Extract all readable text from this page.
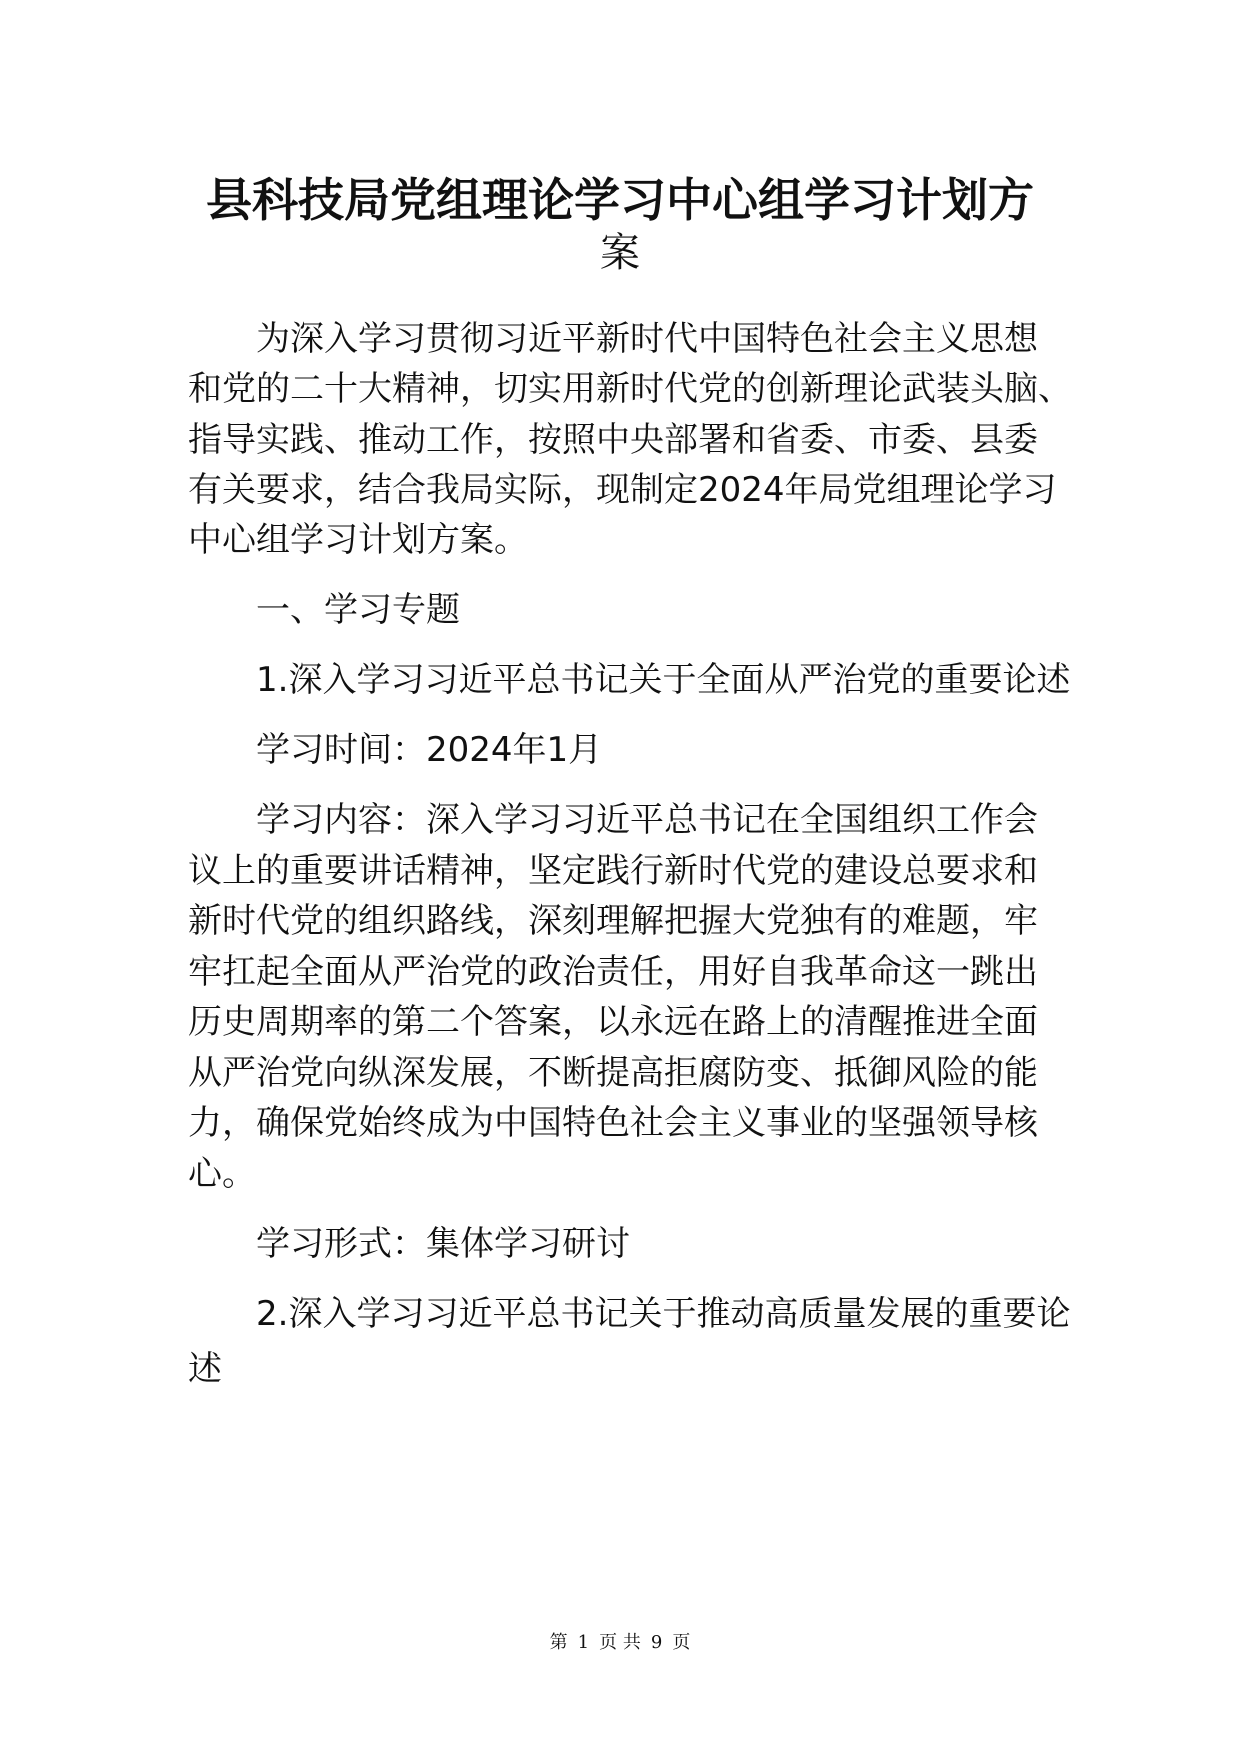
县科技局党组理论学习中心组学习计划方
案
为深入学习贯彻习近平新时代中国特色社会主义思想
和党的二十大精神，切实用新时代党的创新理论武装头脑、
指导实践、推动工作，按照中央部署和省委、市委、县委
有关要求，结合我局实际，现制定2024年局党组理论学习
中心组学习计划方案。
一、学习专题
1.深入学习习近平总书记关于全面从严治党的重要论述
学习时间：2024年1月
学习内容：深入学习习近平总书记在全国组织工作会
议上的重要讲话精神，坚定践行新时代党的建设总要求和
新时代党的组织路线，深刻理解把握大党独有的难题，牢
牢扛起全面从严治党的政治责任，用好自我革命这一跳出
历史周期率的第二个答案，以永远在路上的清醒推进全面
从严治党向纵深发展，不断提高拒腐防变、抵御风险的能
力，确保党始终成为中国特色社会主义事业的坚强领导核
心。
学习形式：集体学习研讨
2.深入学习习近平总书记关于推动高质量发展的重要论
述
第 1 页 共 9 页
